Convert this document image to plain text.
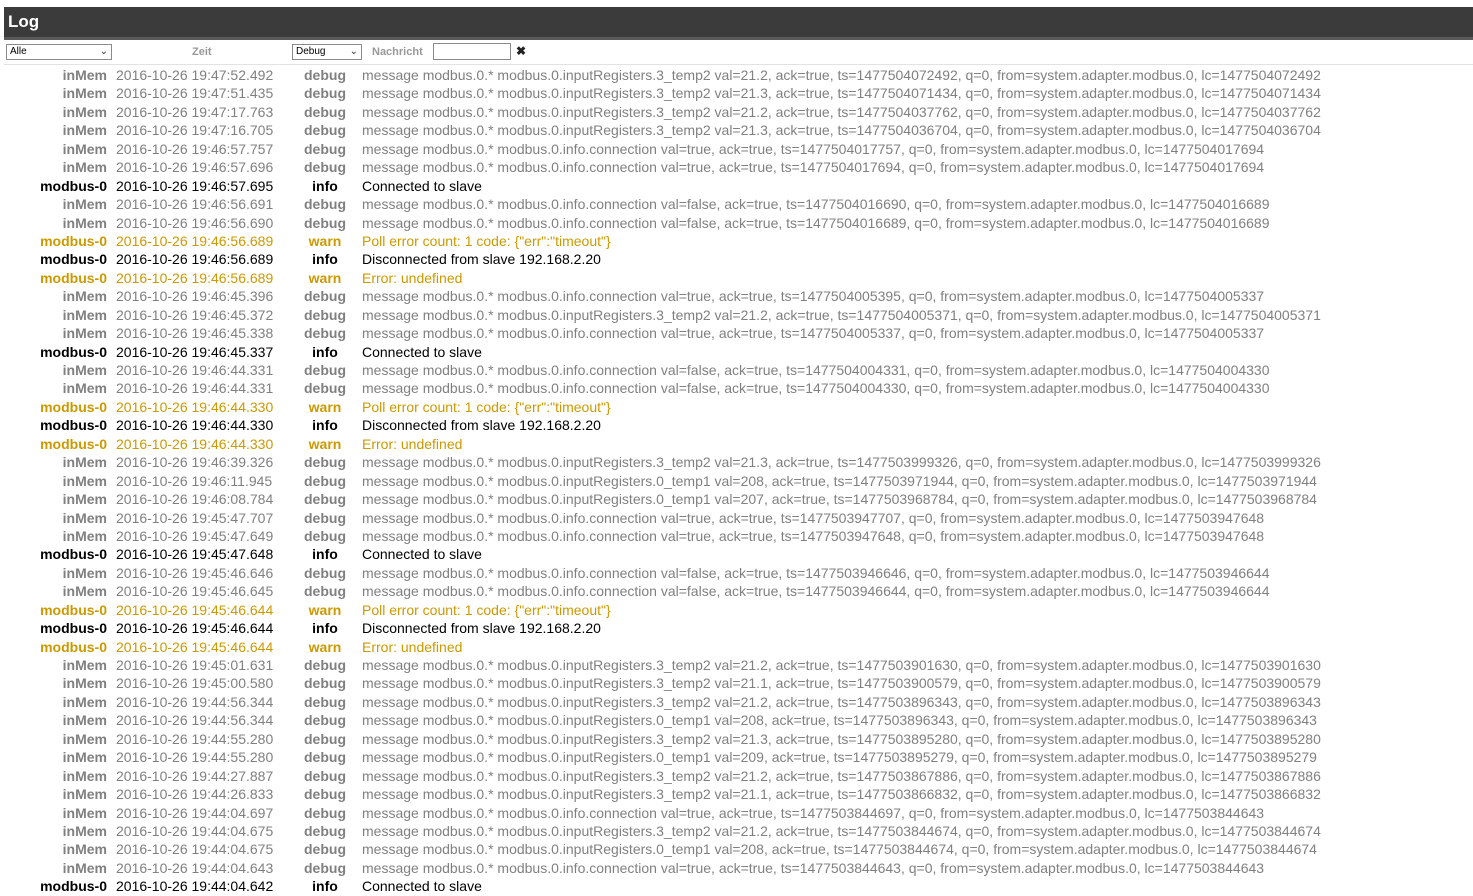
Log
Alle	⌄	Zeit	Debug ⌄ Nachricht	✖
inMem 2016-10-26 19:47:52.492	debug	message modbus.0.* modbus.0.inputRegisters.3_temp2 val=21.2, ack=true, ts=1477504072492, q=0, from=system.adapter.modbus.0, lc=1477504072492
inMem 2016-10-26 19:47:51.435	debug	message modbus.0.* modbus.0.inputRegisters.3_temp2 val=21.3, ack=true, ts=1477504071434, q=0, from=system.adapter.modbus.0, lc=1477504071434
inMem 2016-10-26 19:47:17.763	debug	message modbus.0.* modbus.0.inputRegisters.3_temp2 val=21.2, ack=true, ts=1477504037762, q=0, from=system.adapter.modbus.0, lc=1477504037762
inMem 2016-10-26 19:47:16.705	debug	message modbus.0.* modbus.0.inputRegisters.3_temp2 val=21.3, ack=true, ts=1477504036704, q=0, from=system.adapter.modbus.0, lc=1477504036704
inMem 2016-10-26 19:46:57.757	debug	message modbus.0.* modbus.0.info.connection val=true, ack=true, ts=1477504017757, q=0, from=system.adapter.modbus.0, lc=1477504017694
inMem 2016-10-26 19:46:57.696	debug	message modbus.0.* modbus.0.info.connection val=true, ack=true, ts=1477504017694, q=0, from=system.adapter.modbus.0, lc=1477504017694
modbus-0 2016-10-26 19:46:57.695	info	Connected to slave
inMem 2016-10-26 19:46:56.691	debug	message modbus.0.* modbus.0.info.connection val=false, ack=true, ts=1477504016690, q=0, from=system.adapter.modbus.0, lc=1477504016689
inMem 2016-10-26 19:46:56.690	debug	message modbus.0.* modbus.0.info.connection val=false, ack=true, ts=1477504016689, q=0, from=system.adapter.modbus.0, lc=1477504016689
modbus-0 2016-10-26 19:46:56.689	warn	Poll error count: 1 code: {"err":"timeout"}
modbus-0 2016-10-26 19:46:56.689	info	Disconnected from slave 192.168.2.20
modbus-0 2016-10-26 19:46:56.689	warn	Error: undefined
inMem 2016-10-26 19:46:45.396	debug	message modbus.0.* modbus.0.info.connection val=true, ack=true, ts=1477504005395, q=0, from=system.adapter.modbus.0, lc=1477504005337
inMem 2016-10-26 19:46:45.372	debug	message modbus.0.* modbus.0.inputRegisters.3_temp2 val=21.2, ack=true, ts=1477504005371, q=0, from=system.adapter.modbus.0, lc=1477504005371
inMem 2016-10-26 19:46:45.338	debug	message modbus.0.* modbus.0.info.connection val=true, ack=true, ts=1477504005337, q=0, from=system.adapter.modbus.0, lc=1477504005337
modbus-0 2016-10-26 19:46:45.337	info	Connected to slave
inMem 2016-10-26 19:46:44.331	debug	message modbus.0.* modbus.0.info.connection val=false, ack=true, ts=1477504004331, q=0, from=system.adapter.modbus.0, lc=1477504004330
inMem 2016-10-26 19:46:44.331	debug	message modbus.0.* modbus.0.info.connection val=false, ack=true, ts=1477504004330, q=0, from=system.adapter.modbus.0, lc=1477504004330
modbus-0 2016-10-26 19:46:44.330	warn	Poll error count: 1 code: {"err":"timeout"}
modbus-0 2016-10-26 19:46:44.330	info	Disconnected from slave 192.168.2.20
modbus-0 2016-10-26 19:46:44.330	warn	Error: undefined
inMem 2016-10-26 19:46:39.326	debug	message modbus.0.* modbus.0.inputRegisters.3_temp2 val=21.3, ack=true, ts=1477503999326, q=0, from=system.adapter.modbus.0, lc=1477503999326
inMem 2016-10-26 19:46:11.945	debug	message modbus.0.* modbus.0.inputRegisters.0_temp1 val=208, ack=true, ts=1477503971944, q=0, from=system.adapter.modbus.0, lc=1477503971944
inMem 2016-10-26 19:46:08.784	debug	message modbus.0.* modbus.0.inputRegisters.0_temp1 val=207, ack=true, ts=1477503968784, q=0, from=system.adapter.modbus.0, lc=1477503968784
inMem 2016-10-26 19:45:47.707	debug	message modbus.0.* modbus.0.info.connection val=true, ack=true, ts=1477503947707, q=0, from=system.adapter.modbus.0, lc=1477503947648
inMem 2016-10-26 19:45:47.649	debug	message modbus.0.* modbus.0.info.connection val=true, ack=true, ts=1477503947648, q=0, from=system.adapter.modbus.0, lc=1477503947648
modbus-0 2016-10-26 19:45:47.648	info	Connected to slave
inMem 2016-10-26 19:45:46.646	debug	message modbus.0.* modbus.0.info.connection val=false, ack=true, ts=1477503946646, q=0, from=system.adapter.modbus.0, lc=1477503946644
inMem 2016-10-26 19:45:46.645	debug	message modbus.0.* modbus.0.info.connection val=false, ack=true, ts=1477503946644, q=0, from=system.adapter.modbus.0, lc=1477503946644
modbus-0 2016-10-26 19:45:46.644	warn	Poll error count: 1 code: {"err":"timeout"}
modbus-0 2016-10-26 19:45:46.644	info	Disconnected from slave 192.168.2.20
modbus-0 2016-10-26 19:45:46.644	warn	Error: undefined
inMem 2016-10-26 19:45:01.631	debug	message modbus.0.* modbus.0.inputRegisters.3_temp2 val=21.2, ack=true, ts=1477503901630, q=0, from=system.adapter.modbus.0, lc=1477503901630
inMem 2016-10-26 19:45:00.580	debug	message modbus.0.* modbus.0.inputRegisters.3_temp2 val=21.1, ack=true, ts=1477503900579, q=0, from=system.adapter.modbus.0, lc=1477503900579
inMem 2016-10-26 19:44:56.344	debug	message modbus.0.* modbus.0.inputRegisters.3_temp2 val=21.2, ack=true, ts=1477503896343, q=0, from=system.adapter.modbus.0, lc=1477503896343
inMem 2016-10-26 19:44:56.344	debug	message modbus.0.* modbus.0.inputRegisters.0_temp1 val=208, ack=true, ts=1477503896343, q=0, from=system.adapter.modbus.0, lc=1477503896343
inMem 2016-10-26 19:44:55.280	debug	message modbus.0.* modbus.0.inputRegisters.3_temp2 val=21.3, ack=true, ts=1477503895280, q=0, from=system.adapter.modbus.0, lc=1477503895280
inMem 2016-10-26 19:44:55.280	debug	message modbus.0.* modbus.0.inputRegisters.0_temp1 val=209, ack=true, ts=1477503895279, q=0, from=system.adapter.modbus.0, lc=1477503895279
inMem 2016-10-26 19:44:27.887	debug	message modbus.0.* modbus.0.inputRegisters.3_temp2 val=21.2, ack=true, ts=1477503867886, q=0, from=system.adapter.modbus.0, lc=1477503867886
inMem 2016-10-26 19:44:26.833	debug	message modbus.0.* modbus.0.inputRegisters.3_temp2 val=21.1, ack=true, ts=1477503866832, q=0, from=system.adapter.modbus.0, lc=1477503866832
inMem 2016-10-26 19:44:04.697	debug	message modbus.0.* modbus.0.info.connection val=true, ack=true, ts=1477503844697, q=0, from=system.adapter.modbus.0, lc=1477503844643
inMem 2016-10-26 19:44:04.675	debug	message modbus.0.* modbus.0.inputRegisters.3_temp2 val=21.2, ack=true, ts=1477503844674, q=0, from=system.adapter.modbus.0, lc=1477503844674
inMem 2016-10-26 19:44:04.675	debug	message modbus.0.* modbus.0.inputRegisters.0_temp1 val=208, ack=true, ts=1477503844674, q=0, from=system.adapter.modbus.0, lc=1477503844674
inMem 2016-10-26 19:44:04.643	debug	message modbus.0.* modbus.0.info.connection val=true, ack=true, ts=1477503844643, q=0, from=system.adapter.modbus.0, lc=1477503844643
modbus-0 2016-10-26 19:44:04.642	info	Connected to slave
